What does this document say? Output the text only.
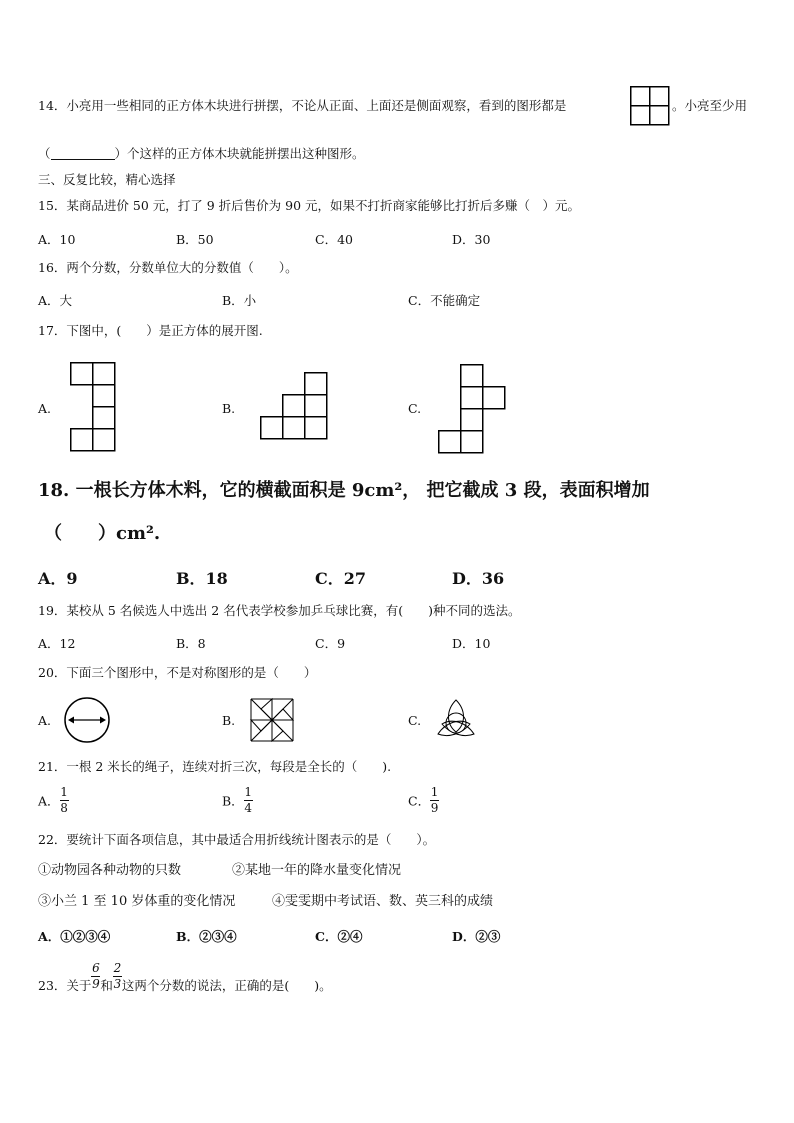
14．小亮用一些相同的正方体木块进行拼摆，不论从正面、上面还是侧面观察，看到的图形都是	。小亮至少用
（	）个这样的正方体木块就能拼摆出这种图形。
三、反复比较，精心选择
15．某商品进价 50 元，打了 9 折后售价为 90 元，如果不打折商家能够比打折后多赚（　）元。
A．10	B．50	C．40	D．30
16．两个分数，分数单位大的分数值（　　）。
A．大	B．小	C．不能确定
17．下图中，(　　）是正方体的展开图.
A.	B.	C.
18. 一根长方体木料，它的横截面积是 9cm²， 把它截成 3 段，表面积增加
（　　）cm².
A．9	B．18	C．27	D．36
19．某校从 5 名候选人中选出 2 名代表学校参加乒乓球比赛，有(　　)种不同的选法。
A．12	B．8	C．9	D．10
20．下面三个图形中，不是对称图形的是（　　）
A.	B.	C.
21．一根 2 米长的绳子，连续对折三次，每段是全长的（　　).
A． $\frac{1}{8}$	B． $\frac{1}{4}$	C． $\frac{1}{9}$
22．要统计下面各项信息，其中最适合用折线统计图表示的是（　　）。
①动物园各种动物的只数	②某地一年的降水量变化情况
③小兰 1 至 10 岁体重的变化情况	④雯雯期中考试语、数、英三科的成绩
A．①②③④	B．②③④	C．②④	D．②③
23．关于 $\frac{6}{9}$ 和 $\frac{2}{3}$ 这两个分数的说法，正确的是(　　)。
